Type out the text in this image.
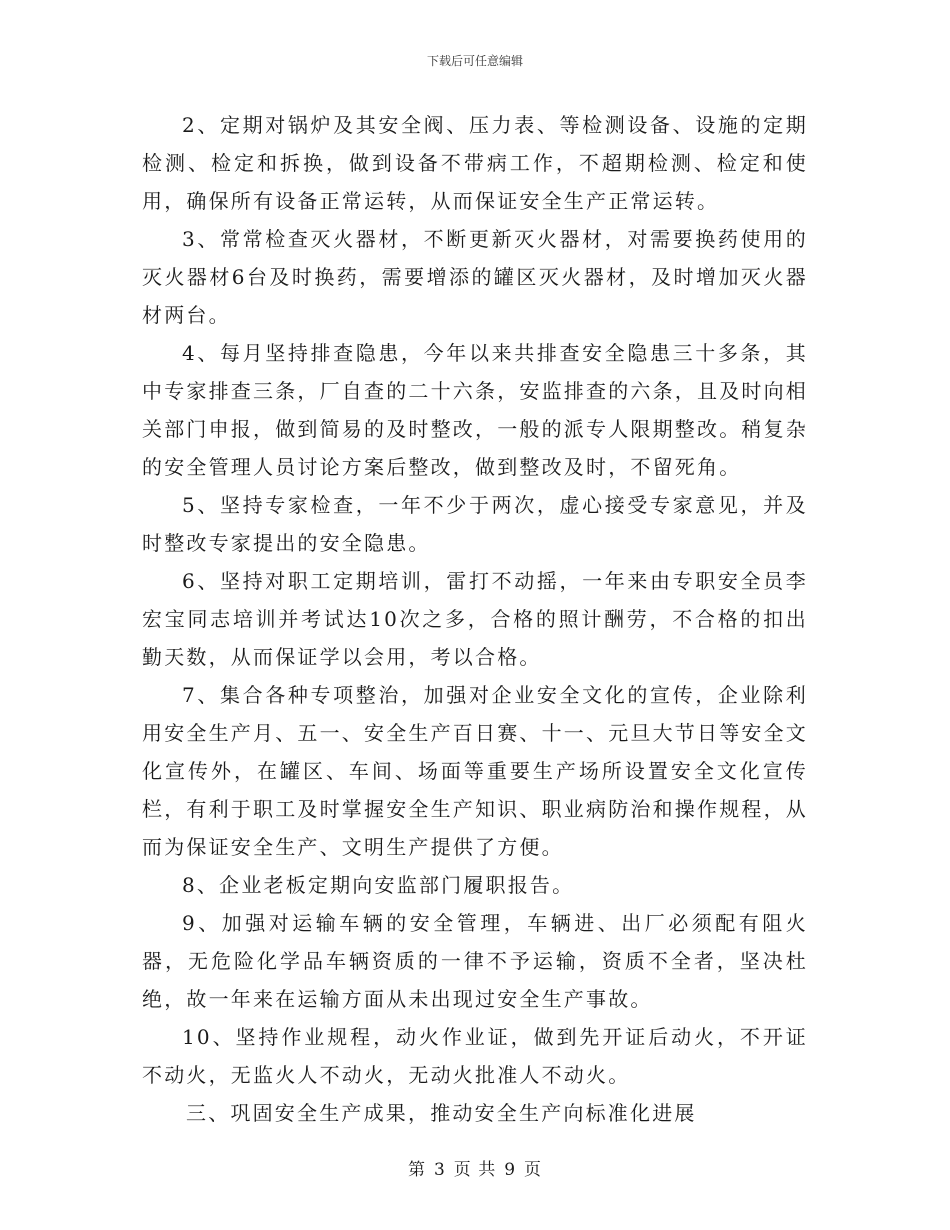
下载后可任意编辑

2、定期对锅炉及其安全阀、压力表、等检测设备、设施的定期检测、检定和拆换，做到设备不带病工作，不超期检测、检定和使用，确保所有设备正常运转，从而保证安全生产正常运转。

3、常常检查灭火器材，不断更新灭火器材，对需要换药使用的灭火器材6台及时换药，需要增添的罐区灭火器材，及时增加灭火器材两台。

4、每月坚持排查隐患，今年以来共排查安全隐患三十多条，其中专家排查三条，厂自查的二十六条，安监排查的六条，且及时向相关部门申报，做到简易的及时整改，一般的派专人限期整改。稍复杂的安全管理人员讨论方案后整改，做到整改及时，不留死角。

5、坚持专家检查，一年不少于两次，虚心接受专家意见，并及时整改专家提出的安全隐患。

6、坚持对职工定期培训，雷打不动摇，一年来由专职安全员李宏宝同志培训并考试达10次之多，合格的照计酬劳，不合格的扣出勤天数，从而保证学以会用，考以合格。

7、集合各种专项整治，加强对企业安全文化的宣传，企业除利用安全生产月、五一、安全生产百日赛、十一、元旦大节日等安全文化宣传外，在罐区、车间、场面等重要生产场所设置安全文化宣传栏，有利于职工及时掌握安全生产知识、职业病防治和操作规程，从而为保证安全生产、文明生产提供了方便。

8、企业老板定期向安监部门履职报告。

9、加强对运输车辆的安全管理，车辆进、出厂必须配有阻火器，无危险化学品车辆资质的一律不予运输，资质不全者，坚决杜绝，故一年来在运输方面从未出现过安全生产事故。

10、坚持作业规程，动火作业证，做到先开证后动火，不开证不动火，无监火人不动火，无动火批准人不动火。

三、巩固安全生产成果，推动安全生产向标准化进展

第 3 页 共 9 页
